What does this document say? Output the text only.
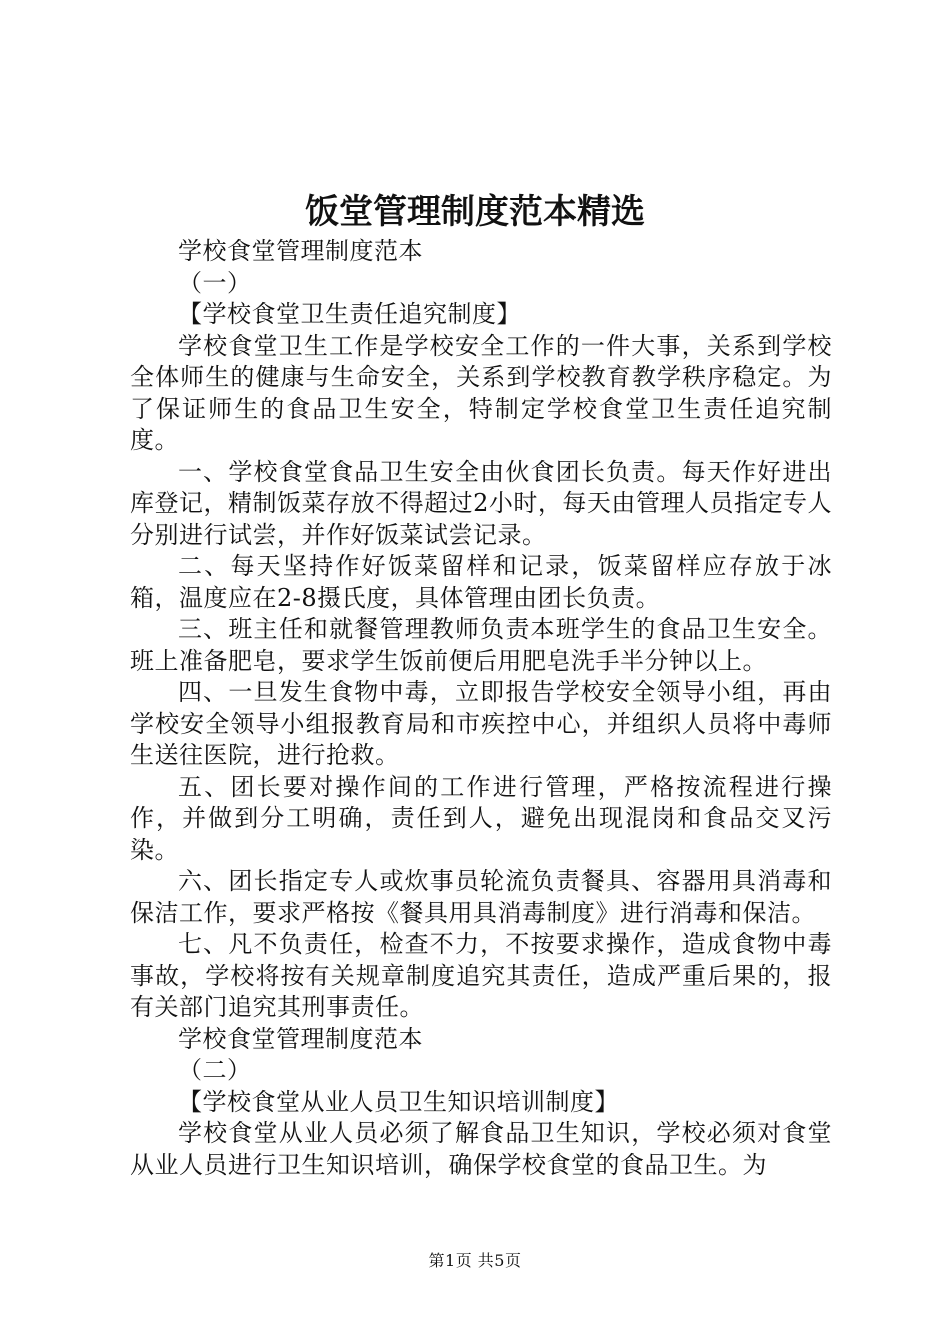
饭堂管理制度范本精选

学校食堂管理制度范本

（一）

【学校食堂卫生责任追究制度】

学校食堂卫生工作是学校安全工作的一件大事，关系到学校全体师生的健康与生命安全，关系到学校教育教学秩序稳定。为了保证师生的食品卫生安全，特制定学校食堂卫生责任追究制度。

一、学校食堂食品卫生安全由伙食团长负责。每天作好进出库登记，精制饭菜存放不得超过2小时，每天由管理人员指定专人分别进行试尝，并作好饭菜试尝记录。

二、每天坚持作好饭菜留样和记录，饭菜留样应存放于冰箱，温度应在2-8摄氏度，具体管理由团长负责。

三、班主任和就餐管理教师负责本班学生的食品卫生安全。班上准备肥皂，要求学生饭前便后用肥皂洗手半分钟以上。

四、一旦发生食物中毒，立即报告学校安全领导小组，再由学校安全领导小组报教育局和市疾控中心，并组织人员将中毒师生送往医院，进行抢救。

五、团长要对操作间的工作进行管理，严格按流程进行操作，并做到分工明确，责任到人，避免出现混岗和食品交叉污染。

六、团长指定专人或炊事员轮流负责餐具、容器用具消毒和保洁工作，要求严格按《餐具用具消毒制度》进行消毒和保洁。

七、凡不负责任，检查不力，不按要求操作，造成食物中毒事故，学校将按有关规章制度追究其责任，造成严重后果的，报有关部门追究其刑事责任。

学校食堂管理制度范本

（二）

【学校食堂从业人员卫生知识培训制度】

学校食堂从业人员必须了解食品卫生知识，学校必须对食堂从业人员进行卫生知识培训，确保学校食堂的食品卫生。为

第1页 共5页
